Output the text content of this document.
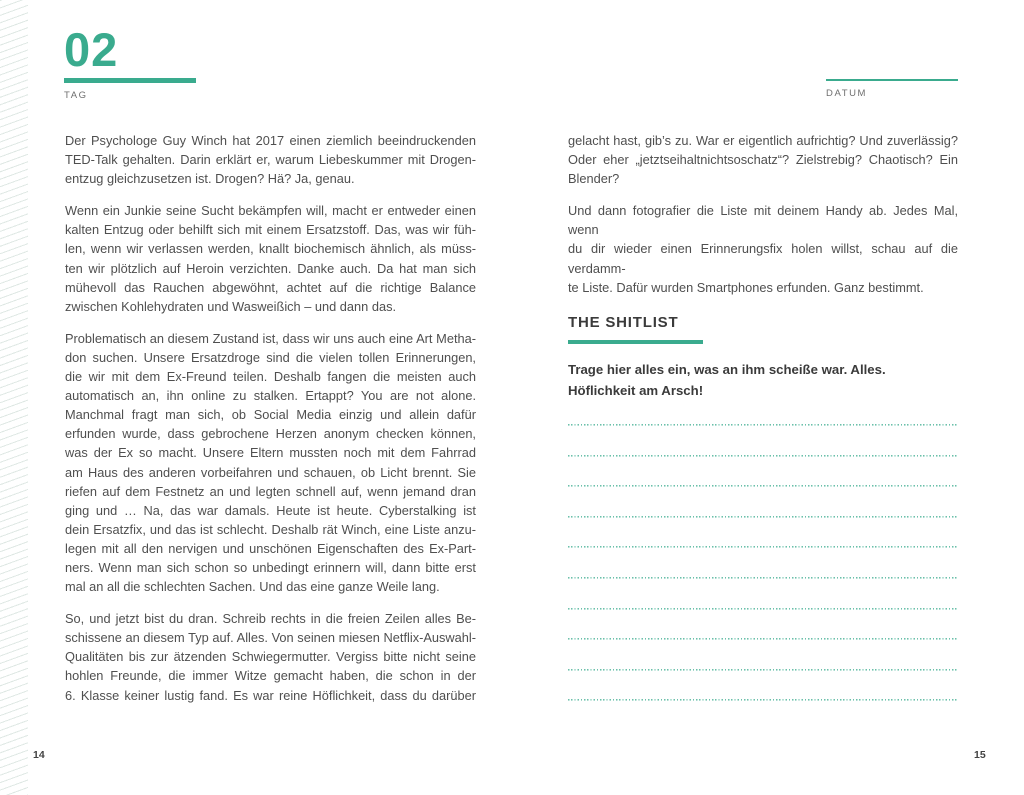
02
TAG	DATUM
Der Psychologe Guy Winch hat 2017 einen ziemlich beeindruckenden
TED-Talk gehalten. Darin erklärt er, warum Liebeskummer mit Drogen-
entzug gleichzusetzen ist. Drogen? Hä? Ja, genau.
Wenn ein Junkie seine Sucht bekämpfen will, macht er entweder einen
kalten Entzug oder behilft sich mit einem Ersatzstoff. Das, was wir füh-
len, wenn wir verlassen werden, knallt biochemisch ähnlich, als müss-
ten wir plötzlich auf Heroin verzichten. Danke auch. Da hat man sich
mühevoll das Rauchen abgewöhnt, achtet auf die richtige Balance
zwischen Kohlehydraten und Wasweißich – und dann das.
Problematisch an diesem Zustand ist, dass wir uns auch eine Art Metha-
don suchen. Unsere Ersatzdroge sind die vielen tollen Erinnerungen,
die wir mit dem Ex-Freund teilen. Deshalb fangen die meisten auch
automatisch an, ihn online zu stalken. Ertappt? You are not alone.
Manchmal fragt man sich, ob Social Media einzig und allein dafür
erfunden wurde, dass gebrochene Herzen anonym checken können,
was der Ex so macht. Unsere Eltern mussten noch mit dem Fahrrad
am Haus des anderen vorbeifahren und schauen, ob Licht brennt. Sie
riefen auf dem Festnetz an und legten schnell auf, wenn jemand dran
ging und … Na, das war damals. Heute ist heute. Cyberstalking ist
dein Ersatzfix, und das ist schlecht. Deshalb rät Winch, eine Liste anzu-
legen mit all den nervigen und unschönen Eigenschaften des Ex-Part-
ners. Wenn man sich schon so unbedingt erinnern will, dann bitte erst
mal an all die schlechten Sachen. Und das eine ganze Weile lang.
So, und jetzt bist du dran. Schreib rechts in die freien Zeilen alles Be-
schissene an diesem Typ auf. Alles. Von seinen miesen Netflix-Auswahl-
Qualitäten bis zur ätzenden Schwiegermutter. Vergiss bitte nicht seine
hohlen Freunde, die immer Witze gemacht haben, die schon in der
6. Klasse keiner lustig fand. Es war reine Höflichkeit, dass du darüber
gelacht hast, gib’s zu. War er eigentlich aufrichtig? Und zuverlässig?
Oder eher „jetztseihaltnichtsoschatz“? Zielstrebig? Chaotisch? Ein
Blender?
Und dann fotografier die Liste mit deinem Handy ab. Jedes Mal, wenn
du dir wieder einen Erinnerungsfix holen willst, schau auf die verdamm-
te Liste. Dafür wurden Smartphones erfunden. Ganz bestimmt.
THE SHITLIST
Trage hier alles ein, was an ihm scheiße war. Alles.
Höflichkeit am Arsch!
14	15
